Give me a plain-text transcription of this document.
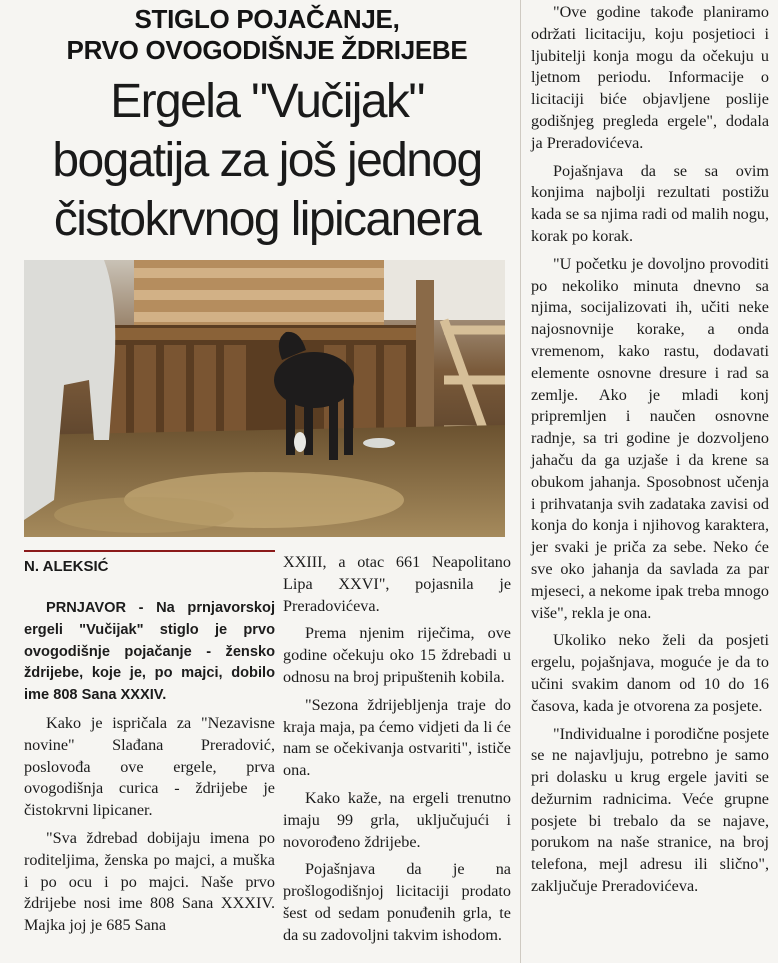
STIGLO POJAČANJE,
PRVO OVOGODIŠNJE ŽDRIJEBE
Ergela "Vučijak"
bogatija za još jednog
čistokrvnog lipicanera
N. ALEKSIĆ

PRNJAVOR - Na prnjavorskoj ergeli "Vučijak" stiglo je prvo ovogodišnje pojačanje - žensko ždrijebe, koje je, po majci, dobilo ime 808 Sana XXXIV.

Kako je ispričala za "Nezavisne novine" Slađana Preradović, poslovođa ove ergele, prva ovogodišnja curica - ždrijebe je čistokrvni lipicaner.

"Sva ždrebad dobijaju imena po roditeljima, ženska po majci, a muška i po ocu i po majci. Naše prvo ždrijebe nosi ime 808 Sana XXXIV. Majka joj je 685 Sana

XXIII, a otac 661 Neapolitano Lipa XXVI", pojasnila je Preradovićeva.

Prema njenim riječima, ove godine očekuju oko 15 ždrebadi u odnosu na broj pripuštenih kobila.

"Sezona ždrijebljenja traje do kraja maja, pa ćemo vidjeti da li će nam se očekivanja ostvariti", ističe ona.

Kako kaže, na ergeli trenutno imaju 99 grla, uključujući i novorođeno ždrijebe.

Pojašnjava da je na prošlogodišnjoj licitaciji prodato šest od sedam ponuđenih grla, te da su zadovoljni takvim ishodom.

"Ove godine takođe planiramo održati licitaciju, koju posjetioci i ljubitelji konja mogu da očekuju u ljetnom periodu. Informacije o licitaciji biće objavljene poslije godišnjeg pregleda ergele", dodala ja Preradovićeva.

Pojašnjava da se sa ovim konjima najbolji rezultati postižu kada se sa njima radi od malih nogu, korak po korak.

"U početku je dovoljno provoditi po nekoliko minuta dnevno sa njima, socijalizovati ih, učiti neke najosnovnije korake, a onda vremenom, kako rastu, dodavati elemente osnovne dresure i rad sa zemlje. Ako je mladi konj pripremljen i naučen osnovne radnje, sa tri godine je dozvoljeno jahaču da ga uzjaše i da krene sa obukom jahanja. Sposobnost učenja i prihvatanja svih zadataka zavisi od konja do konja i njihovog karaktera, jer svaki je priča za sebe. Neko će sve oko jahanja da savlada za par mjeseci, a nekome ipak treba mnogo više", rekla je ona.

Ukoliko neko želi da posjeti ergelu, pojašnjava, moguće je da to učini svakim danom od 10 do 16 časova, kada je otvorena za posjete.

"Individualne i porodične posjete se ne najavljuju, potrebno je samo pri dolasku u krug ergele javiti se dežurnim radnicima. Veće grupne posjete bi trebalo da se najave, porukom na naše stranice, na broj telefona, mejl adresu ili slično", zaključuje Preradovićeva.
